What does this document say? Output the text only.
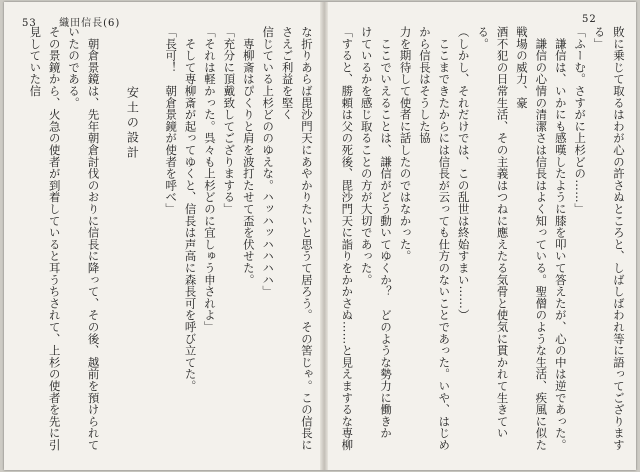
53 織田信長(6)	52
敗に乗じて取るはわが心の許さぬところと、しばしばわれ等に語ってござりまする」
「ふーむ。さすがに上杉どの……」
　謙信は、いかにも感嘆したように膝を叩いて答えたが、心の中は逆であった。
　謙信の心情の清潔さは信長はよく知っている。聖僧のような生活、疾風に似た戦場の威力、豪
酒不犯の日常生活、その主義はつねに應えたる気骨と使気に貫かれて生きている。
（しかし、それだけでは、この乱世は終始すまい……）
　ここまできたからには信長が云っても仕方のないことであった。いや、はじめから信長はそうした協
力を期待して使者に話したのではなかった。
　ここでいえることは、謙信がどう動いてゆくか？　どのような勢力に働きか
けているかを感じ取ることの方が大切であった。
「すると、勝頼は父の死後、毘沙門天に詣りをかかさぬ……と見えまするな専柳
な折りあらば毘沙門天にあやかりたいと思うて居ろう。その筈じゃ。この信長にさえご利益を堅く
信じている上杉どののゆえな。ハッハッハハハハ」
　専柳斎はぴくりと肩を波打たせて盃を伏せた。
「充分に頂戴致してござりまする」
「それは軽かった。呉々も上杉どのに宜しゅう申されよ」
　そして専柳斎が起ってゆくと、信長は声高に森長可を呼び立てた。
「長可！　朝倉景鏡が使者を呼べ」

安土の設計

　朝倉景鏡は、先年朝倉討伐のおりに信長に降って、その後、越前を預けられていたのである。
その景鏡から、火急の使者が到着していると耳うちされて、上杉の使者を先に引見していた信
